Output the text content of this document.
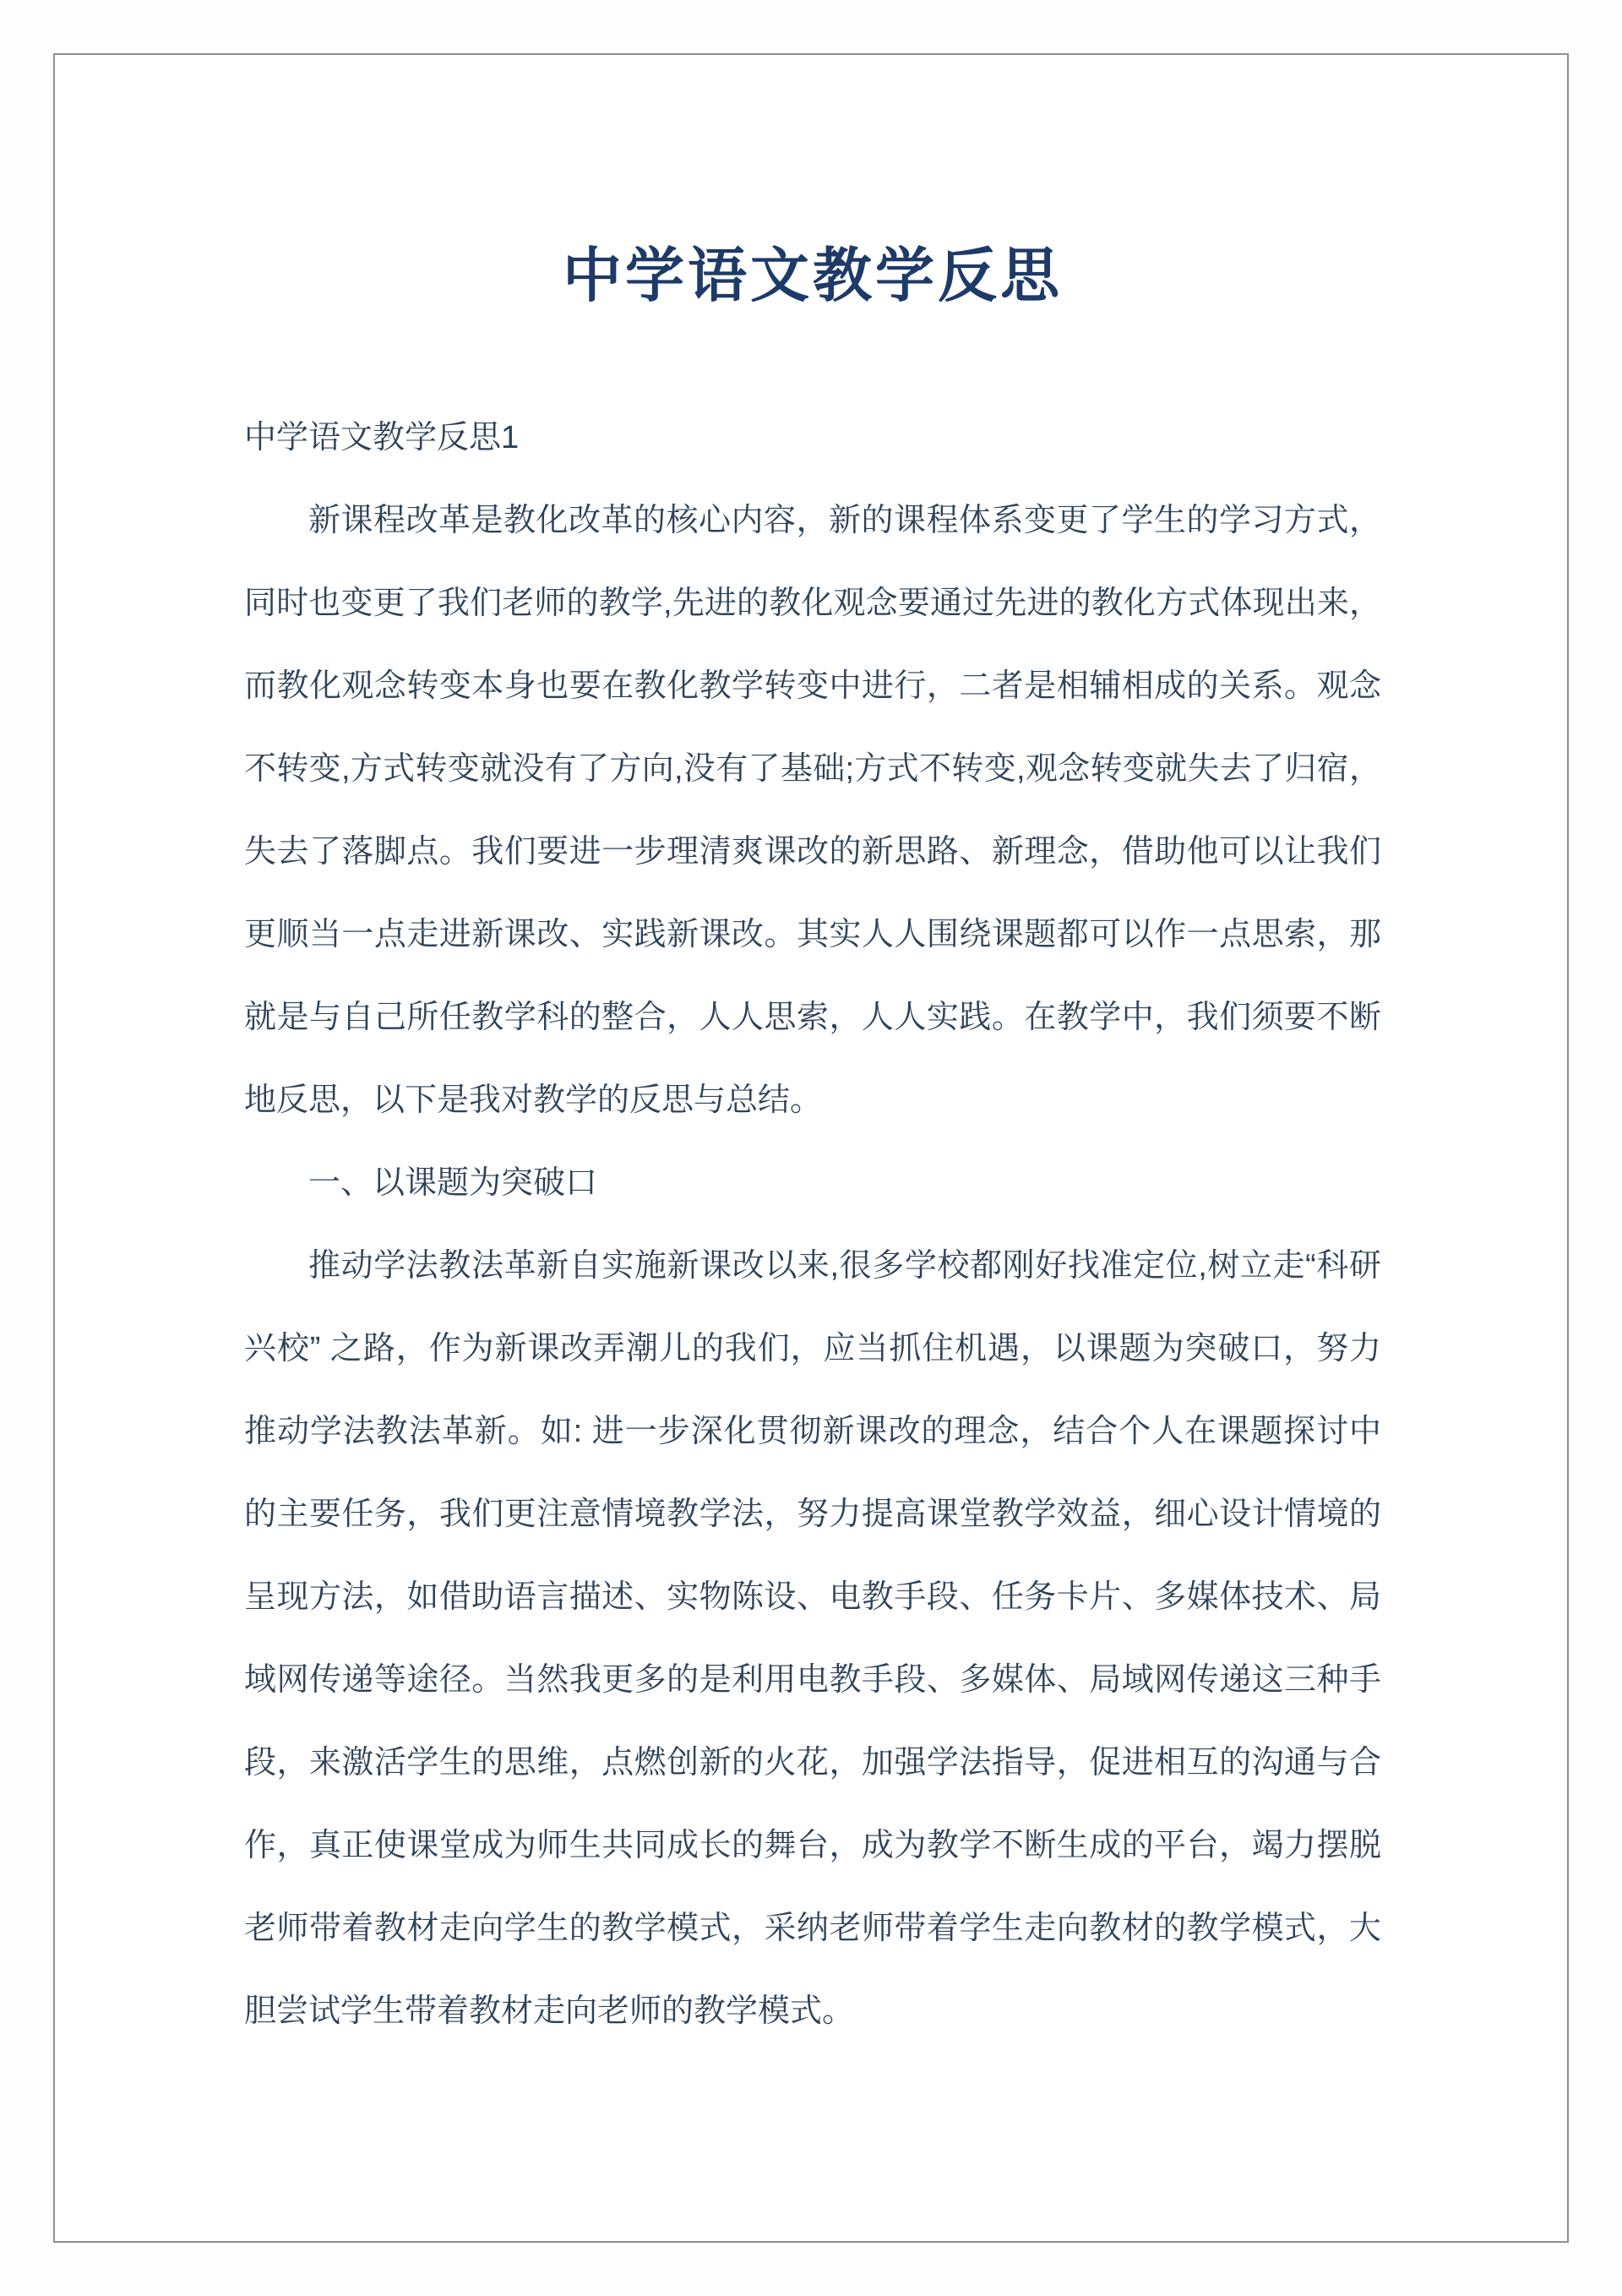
中学语文教学反思

中学语文教学反思1

新课程改革是教化改革的核心内容，新的课程体系变更了学生的学习方式，同时也变更了我们老师的教学,先进的教化观念要通过先进的教化方式体现出来，而教化观念转变本身也要在教化教学转变中进行，二者是相辅相成的关系。观念不转变,方式转变就没有了方向,没有了基础;方式不转变,观念转变就失去了归宿，失去了落脚点。我们要进一步理清爽课改的新思路、新理念，借助他可以让我们更顺当一点走进新课改、实践新课改。其实人人围绕课题都可以作一点思索，那就是与自己所任教学科的整合，人人思索，人人实践。在教学中，我们须要不断地反思，以下是我对教学的反思与总结。

一、以课题为突破口

推动学法教法革新自实施新课改以来,很多学校都刚好找准定位,树立走“科研兴校” 之路，作为新课改弄潮儿的我们，应当抓住机遇，以课题为突破口，努力推动学法教法革新。如: 进一步深化贯彻新课改的理念，结合个人在课题探讨中的主要任务，我们更注意情境教学法，努力提高课堂教学效益，细心设计情境的呈现方法，如借助语言描述、实物陈设、电教手段、任务卡片、多媒体技术、局域网传递等途径。当然我更多的是利用电教手段、多媒体、局域网传递这三种手段，来激活学生的思维，点燃创新的火花，加强学法指导，促进相互的沟通与合作，真正使课堂成为师生共同成长的舞台，成为教学不断生成的平台，竭力摆脱老师带着教材走向学生的教学模式，采纳老师带着学生走向教材的教学模式，大胆尝试学生带着教材走向老师的教学模式。
